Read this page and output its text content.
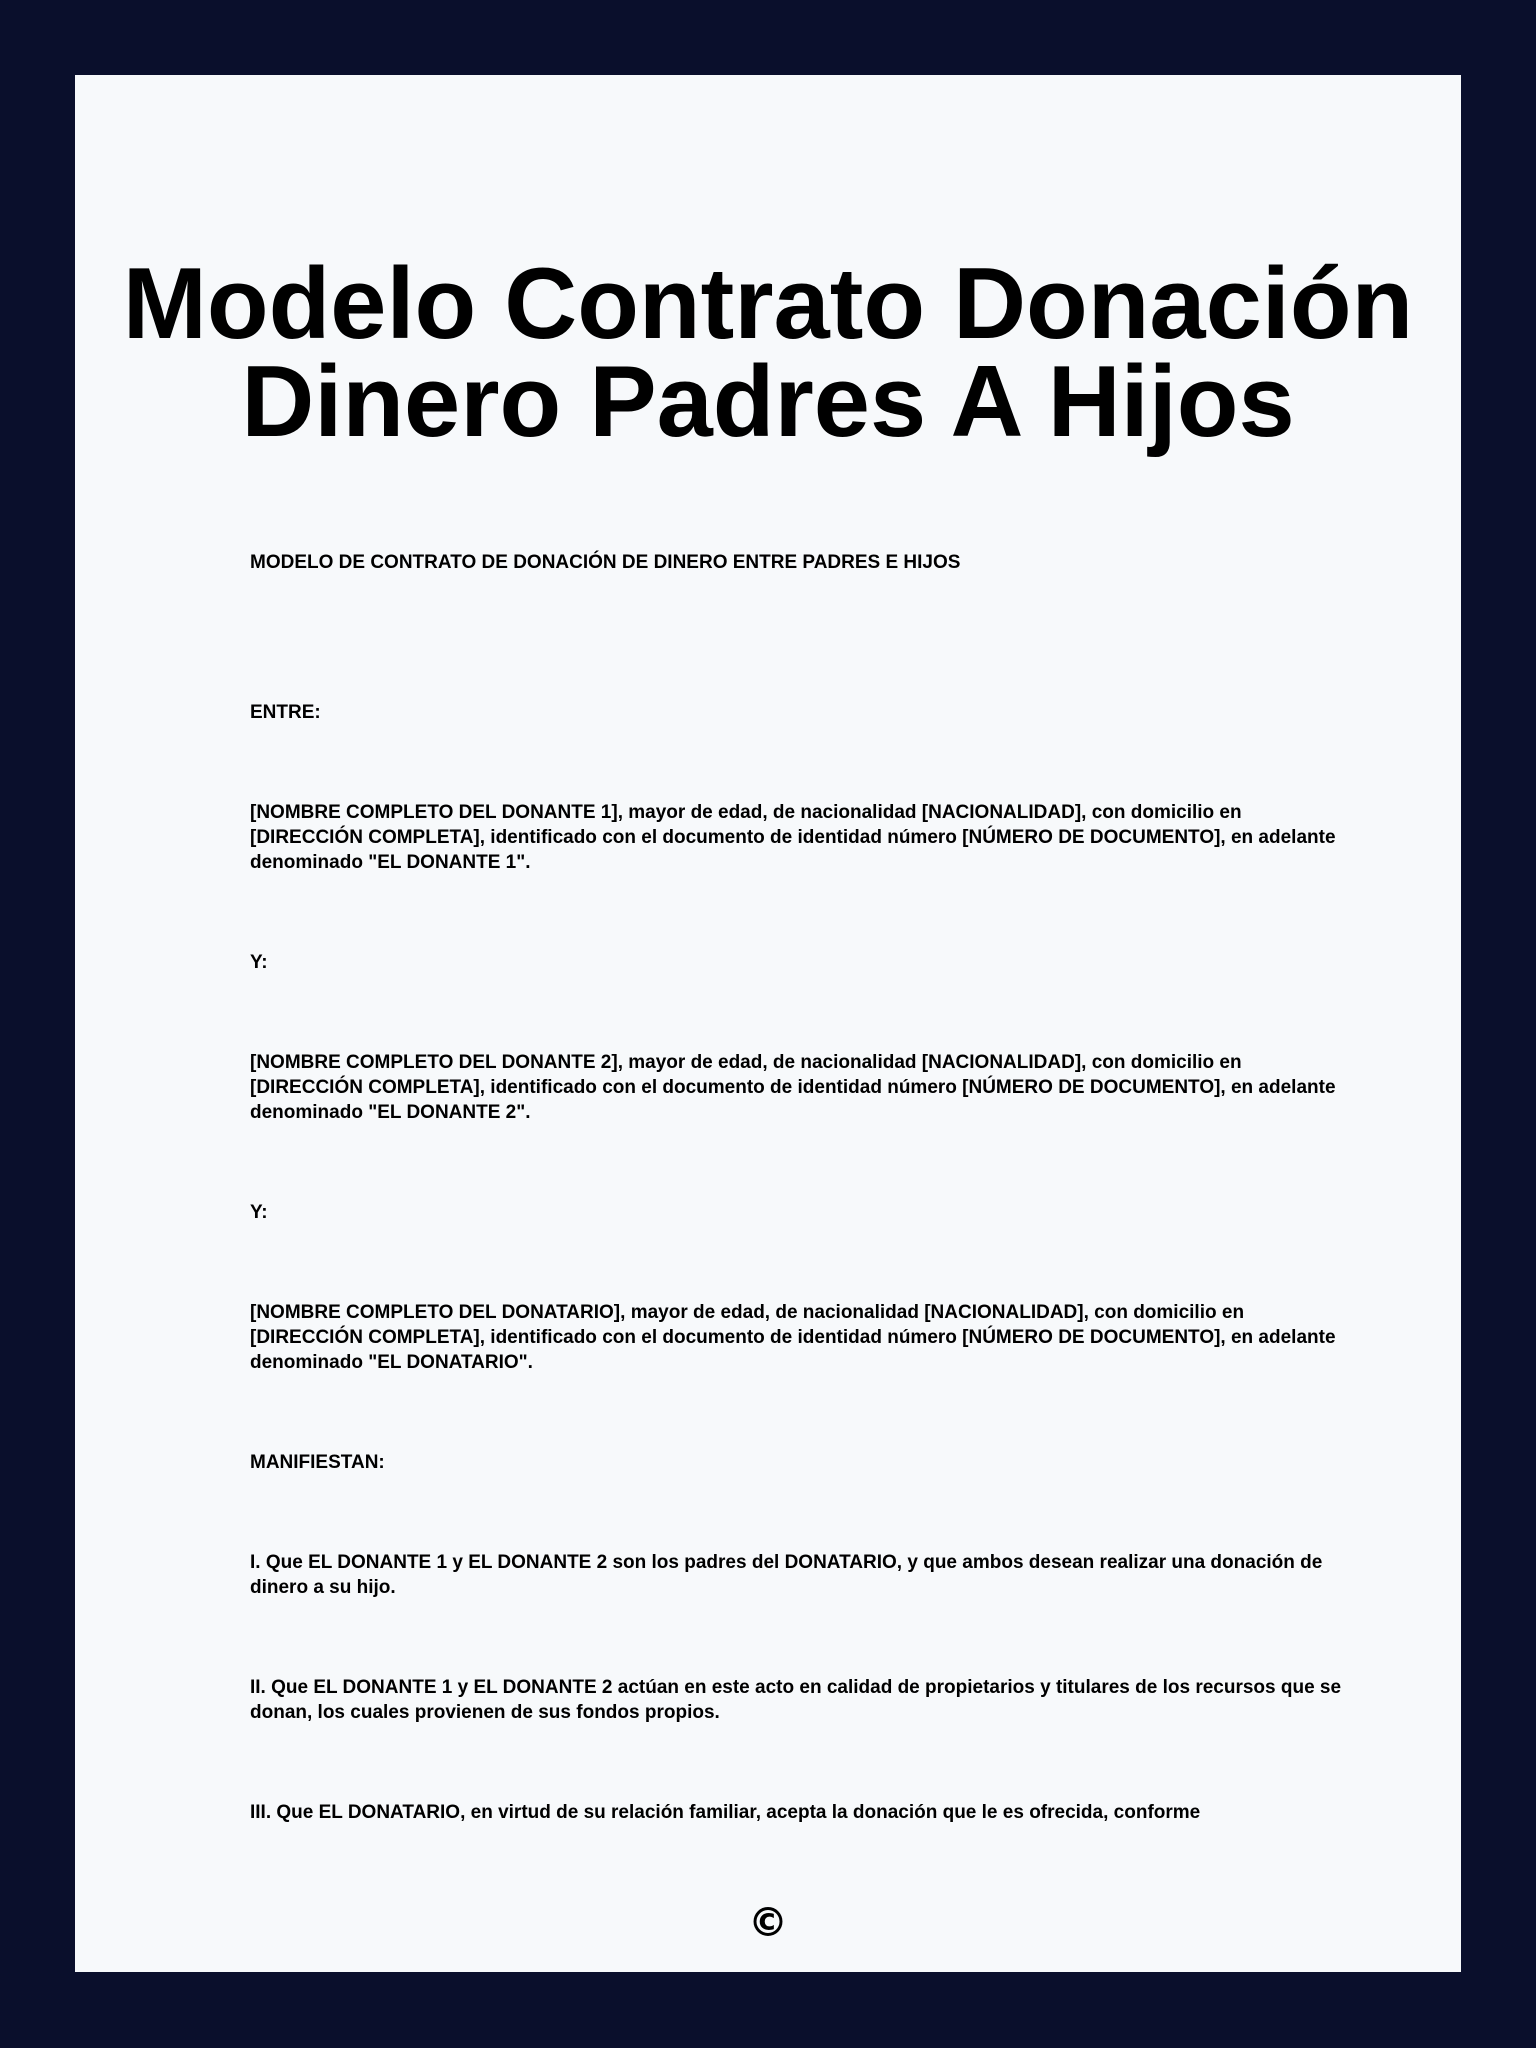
Modelo Contrato Donación
Dinero Padres A Hijos

MODELO DE CONTRATO DE DONACIÓN DE DINERO ENTRE PADRES E HIJOS

ENTRE:

[NOMBRE COMPLETO DEL DONANTE 1], mayor de edad, de nacionalidad [NACIONALIDAD], con domicilio en [DIRECCIÓN COMPLETA], identificado con el documento de identidad número [NÚMERO DE DOCUMENTO], en adelante denominado "EL DONANTE 1".

Y:

[NOMBRE COMPLETO DEL DONANTE 2], mayor de edad, de nacionalidad [NACIONALIDAD], con domicilio en [DIRECCIÓN COMPLETA], identificado con el documento de identidad número [NÚMERO DE DOCUMENTO], en adelante denominado "EL DONANTE 2".

Y:

[NOMBRE COMPLETO DEL DONATARIO], mayor de edad, de nacionalidad [NACIONALIDAD], con domicilio en [DIRECCIÓN COMPLETA], identificado con el documento de identidad número [NÚMERO DE DOCUMENTO], en adelante denominado "EL DONATARIO".

MANIFIESTAN:

I. Que EL DONANTE 1 y EL DONANTE 2 son los padres del DONATARIO, y que ambos desean realizar una donación de dinero a su hijo.

II. Que EL DONANTE 1 y EL DONANTE 2 actúan en este acto en calidad de propietarios y titulares de los recursos que se donan, los cuales provienen de sus fondos propios.

III. Que EL DONATARIO, en virtud de su relación familiar, acepta la donación que le es ofrecida, conforme

©
